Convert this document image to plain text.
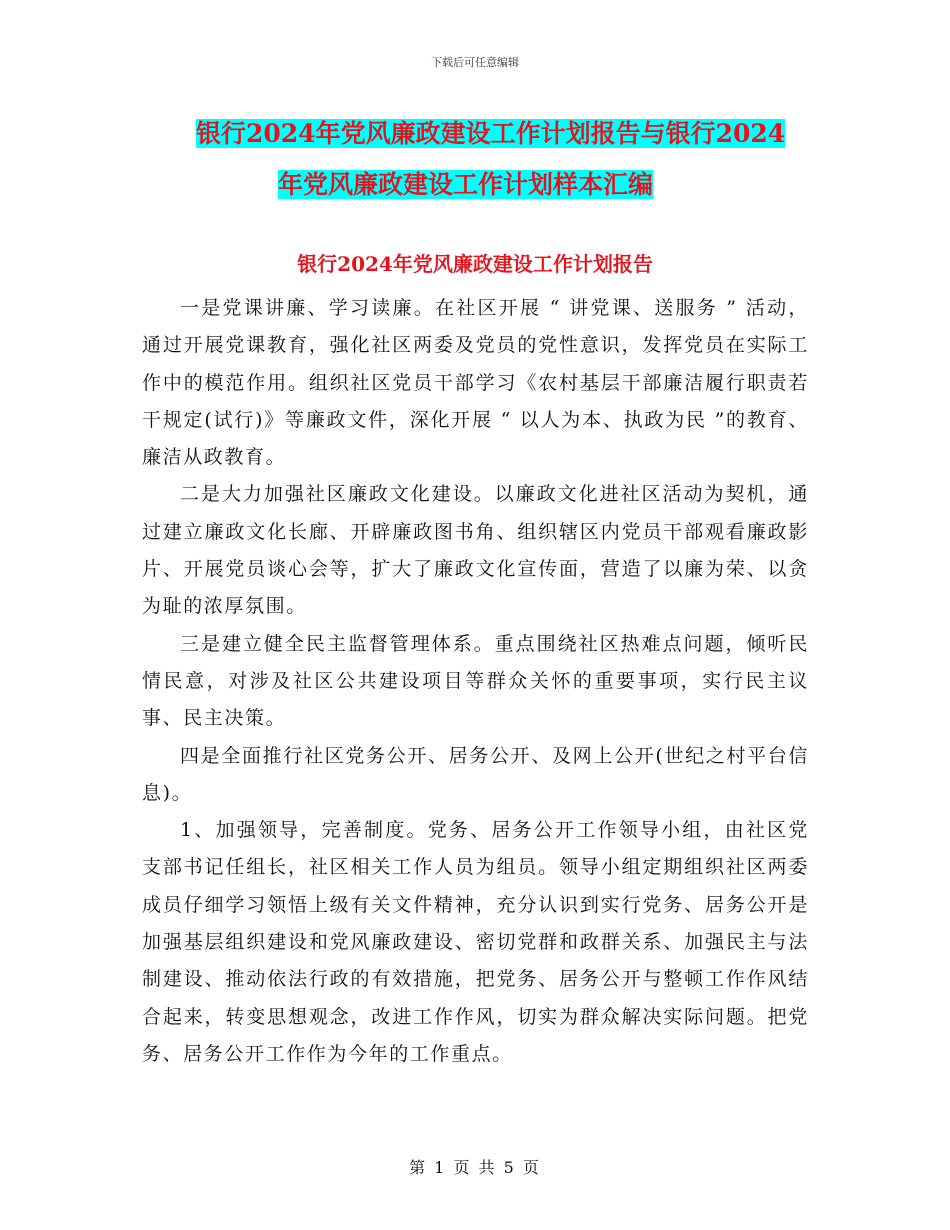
下载后可任意编辑
银行2024年党风廉政建设工作计划报告与银行2024
年党风廉政建设工作计划样本汇编
银行2024年党风廉政建设工作计划报告

一是党课讲廉、学习读廉。在社区开展 “ 讲党课、送服务 ” 活动，通过开展党课教育，强化社区两委及党员的党性意识，发挥党员在实际工作中的模范作用。组织社区党员干部学习《农村基层干部廉洁履行职责若干规定(试行)》等廉政文件，深化开展 “ 以人为本、执政为民 ”的教育、廉洁从政教育。

二是大力加强社区廉政文化建设。以廉政文化进社区活动为契机，通过建立廉政文化长廊、开辟廉政图书角、组织辖区内党员干部观看廉政影片、开展党员谈心会等，扩大了廉政文化宣传面，营造了以廉为荣、以贪为耻的浓厚氛围。

三是建立健全民主监督管理体系。重点围绕社区热难点问题，倾听民情民意，对涉及社区公共建设项目等群众关怀的重要事项，实行民主议事、民主决策。

四是全面推行社区党务公开、居务公开、及网上公开(世纪之村平台信息)。

1、加强领导，完善制度。党务、居务公开工作领导小组，由社区党支部书记任组长，社区相关工作人员为组员。领导小组定期组织社区两委成员仔细学习领悟上级有关文件精神，充分认识到实行党务、居务公开是加强基层组织建设和党风廉政建设、密切党群和政群关系、加强民主与法制建设、推动依法行政的有效措施，把党务、居务公开与整顿工作作风结合起来，转变思想观念，改进工作作风，切实为群众解决实际问题。把党务、居务公开工作作为今年的工作重点。

第 1 页 共 5 页
